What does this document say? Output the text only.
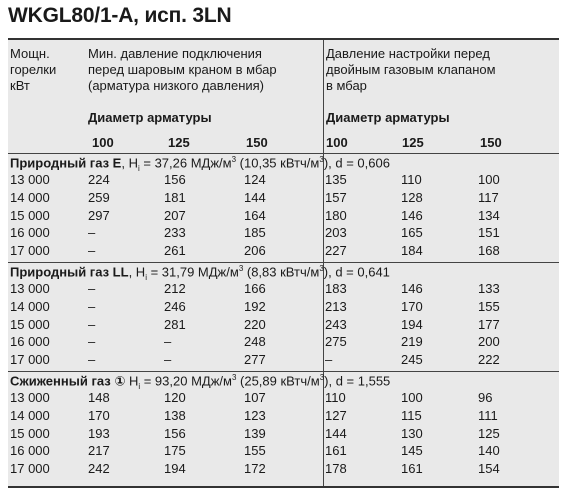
WKGL80/1-A, исп. 3LN
Мощн.
горелки
кВт
Мин. давление подключения
перед шаровым краном в мбар
(арматура низкого давления)
Давление настройки перед
двойным газовым клапаном
в мбар
Диаметр арматуры	Диаметр арматуры
100	125	150	100	125	150
Природный газ E, $H_i = 37,26$ МДж/$м^3$ (10,35 кВтч/$м^3$), d = 0,606
13 000	224	156	124	135	110	100
14 000	259	181	144	157	128	117
15 000	297	207	164	180	146	134
16 000	–	233	185	203	165	151
17 000	–	261	206	227	184	168
Природный газ LL, $H_i = 31,79$ МДж/$м^3$ (8,83 кВтч/$м^3$), d = 0,641
13 000	–	212	166	183	146	133
14 000	–	246	192	213	170	155
15 000	–	281	220	243	194	177
16 000	–	–	248	275	219	200
17 000	–	–	277	–	245	222
Сжиженный газ ① $H_i = 93,20$ МДж/$м^3$ (25,89 кВтч/$м^3$), d = 1,555
13 000	148	120	107	110	100	96
14 000	170	138	123	127	115	111
15 000	193	156	139	144	130	125
16 000	217	175	155	161	145	140
17 000	242	194	172	178	161	154
